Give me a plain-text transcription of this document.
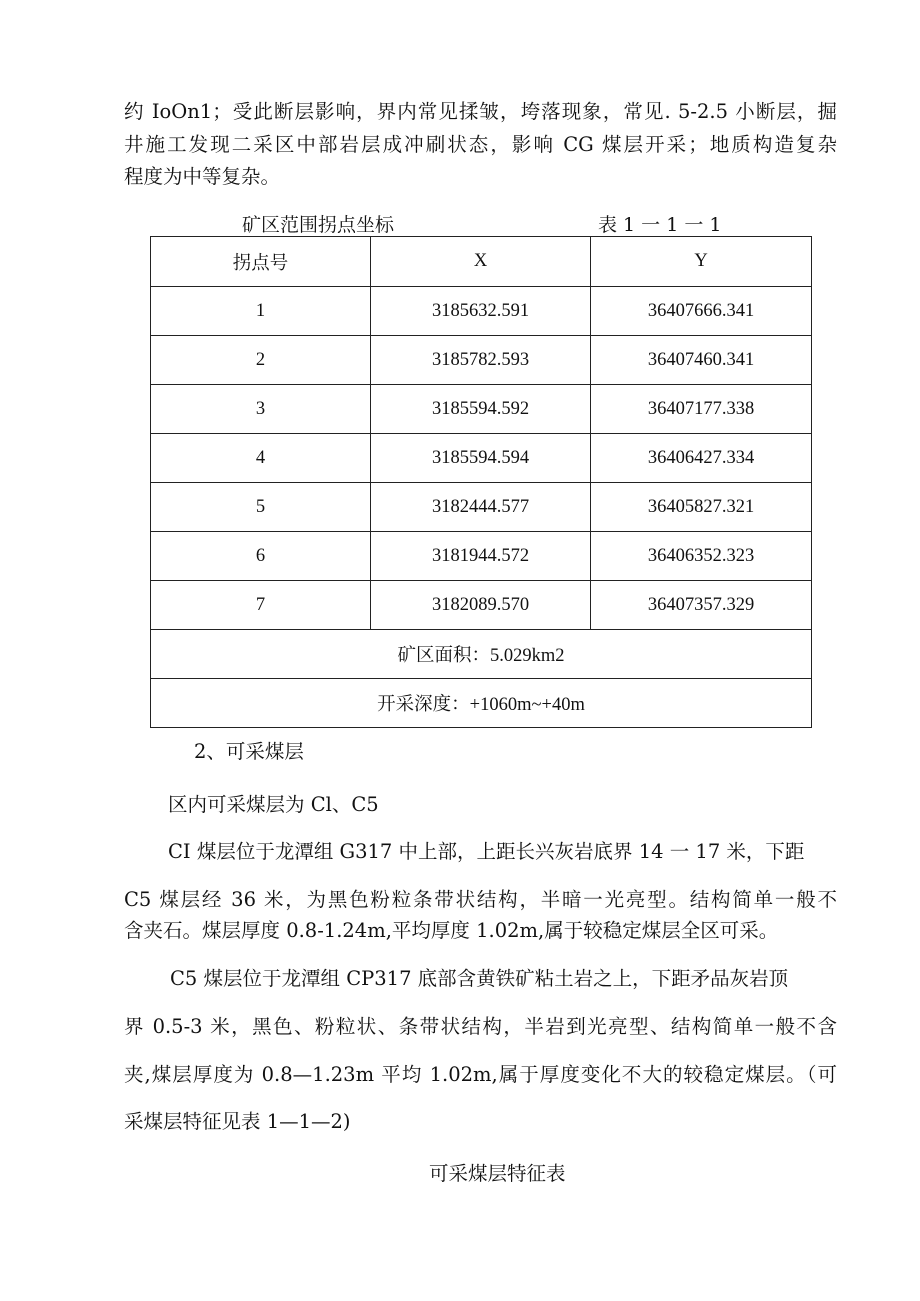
约 IoOn1；受此断层影响，界内常见揉皱，垮落现象，常见. 5-2.5 小断层，掘
井施工发现二采区中部岩层成冲刷状态，影响 CG 煤层开采；地质构造复杂
程度为中等复杂。
矿区范围拐点坐标	表 1 一 1 一 1
拐点号	X	Y
1	3185632.591	36407666.341
2	3185782.593	36407460.341
3	3185594.592	36407177.338
4	3185594.594	36406427.334
5	3182444.577	36405827.321
6	3181944.572	36406352.323
7	3182089.570	36407357.329
矿区面积：5.029km2		
开采深度：+1060m~+40m		
2、可采煤层
区内可采煤层为 Cl、C5
CI 煤层位于龙潭组 G317 中上部，上距长兴灰岩底界 14 一 17 米，下距
C5 煤层经 36 米，为黑色粉粒条带状结构，半暗一光亮型。结构简单一般不
含夹石。煤层厚度 0.8-1.24m,平均厚度 1.02m,属于较稳定煤层全区可采。
C5 煤层位于龙潭组 CP317 底部含黄铁矿粘土岩之上，下距矛品灰岩顶
界 0.5-3 米，黑色、粉粒状、条带状结构，半岩到光亮型、结构简单一般不含
夹,煤层厚度为 0.8—1.23m 平均 1.02m,属于厚度变化不大的较稳定煤层。（可
采煤层特征见表 1—1—2)
可采煤层特征表
